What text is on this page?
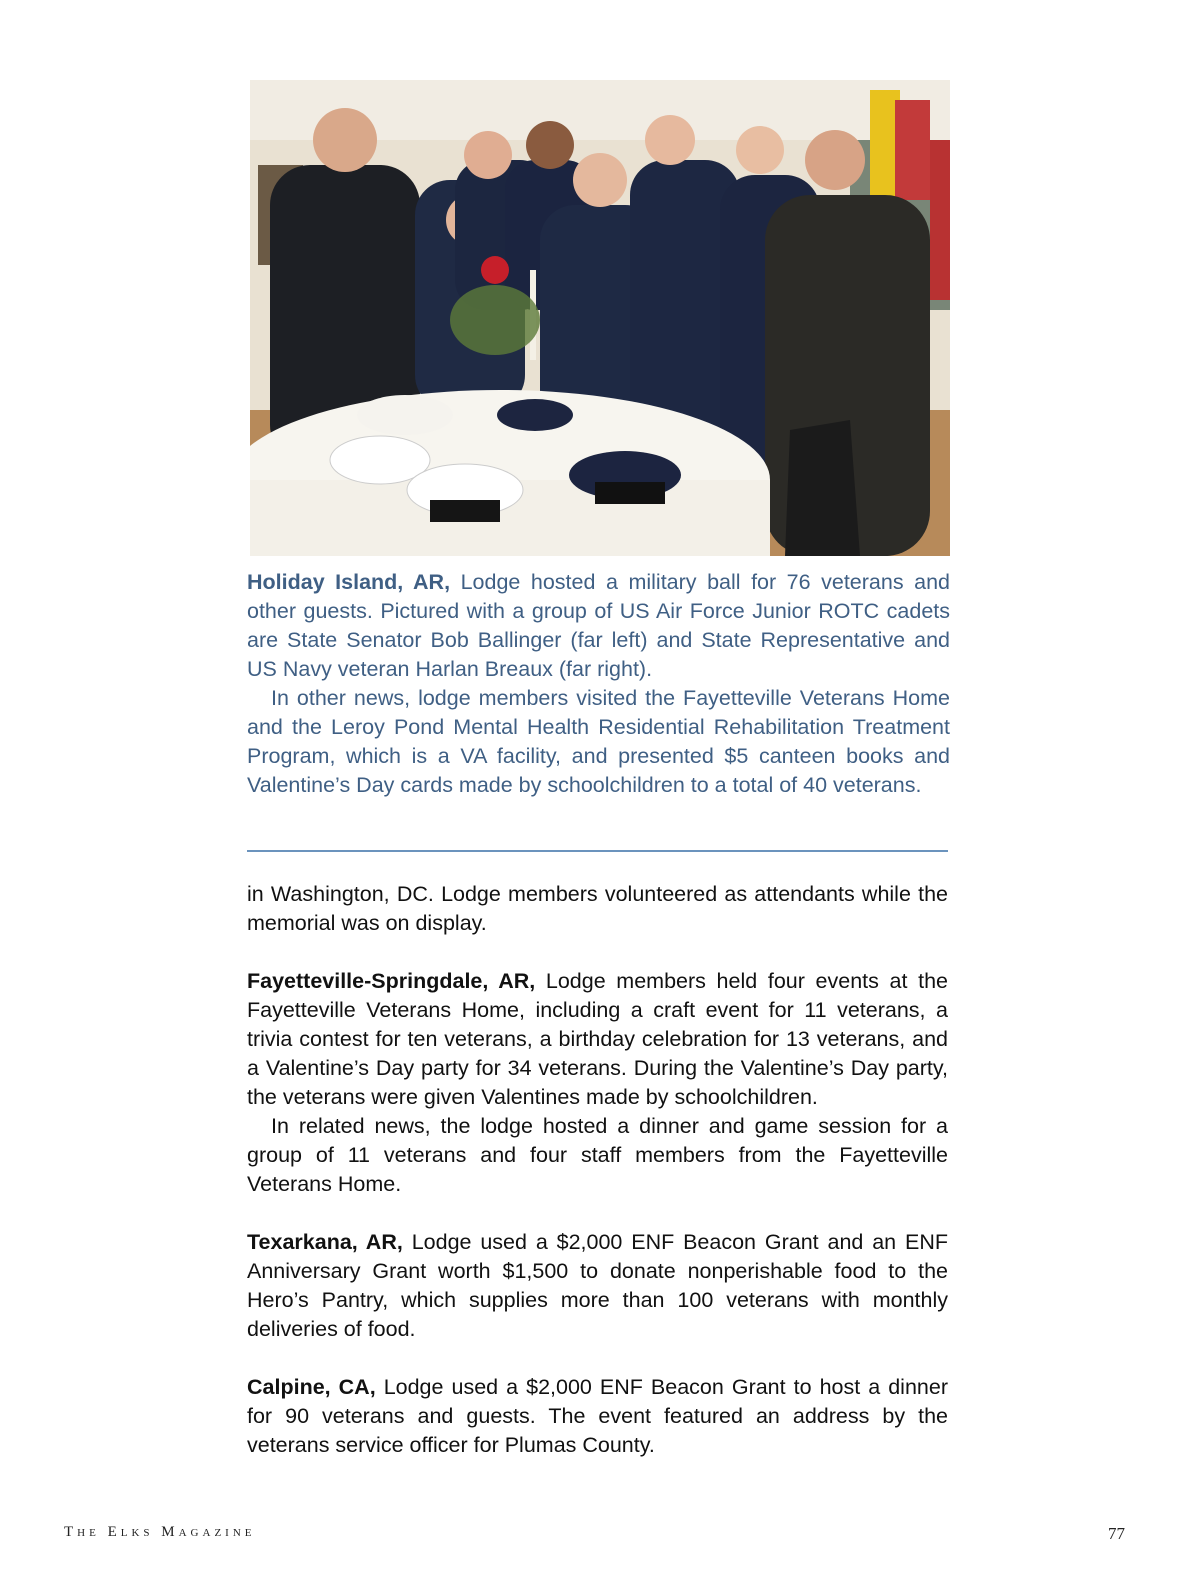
Holiday Island, AR, Lodge hosted a military ball for 76 veterans and other guests. Pictured with a group of US Air Force Junior ROTC cadets are State Senator Bob Ballinger (far left) and State Representative and US Navy veteran Harlan Breaux (far right).

In other news, lodge members visited the Fayetteville Veterans Home and the Leroy Pond Mental Health Residential Rehabilitation Treatment Program, which is a VA facility, and presented $5 canteen books and Valentine’s Day cards made by schoolchildren to a total of 40 veterans.

in Washington, DC. Lodge members volunteered as attendants while the memorial was on display.

Fayetteville-Springdale, AR, Lodge members held four events at the Fayetteville Veterans Home, including a craft event for 11 veterans, a trivia contest for ten veterans, a birthday celebration for 13 veterans, and a Valentine’s Day party for 34 veterans. During the Valentine’s Day party, the veterans were given Valentines made by schoolchildren.

In related news, the lodge hosted a dinner and game session for a group of 11 veterans and four staff members from the Fayetteville Veterans Home.

Texarkana, AR, Lodge used a $2,000 ENF Beacon Grant and an ENF Anniversary Grant worth $1,500 to donate nonperishable food to the Hero’s Pantry, which supplies more than 100 veterans with monthly deliveries of food.

Calpine, CA, Lodge used a $2,000 ENF Beacon Grant to host a dinner for 90 veterans and guests. The event featured an address by the veterans service officer for Plumas County.

The Elks Magazine	77
